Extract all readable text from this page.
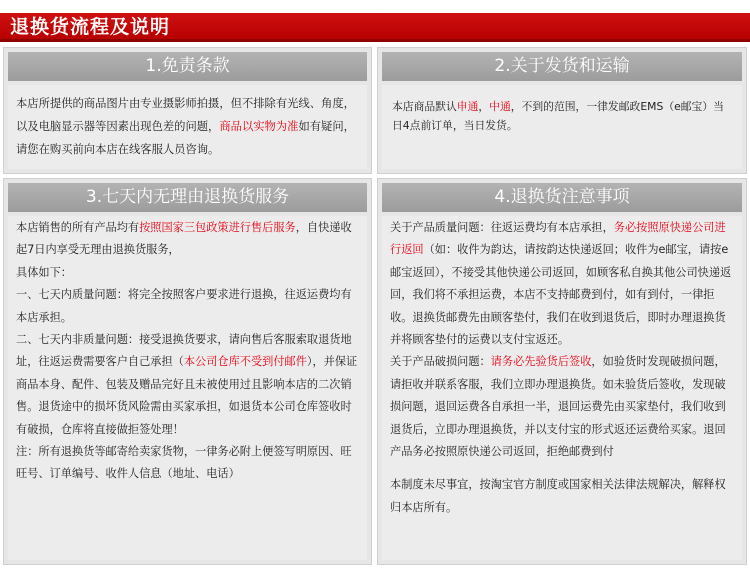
退换货流程及说明
1.免责条款

本店所提供的商品图片由专业摄影师拍摄，但不排除有光线、角度，以及电脑显示器等因素出现色差的问题，商品以实物为准如有疑问，请您在购买前向本店在线客服人员咨询。

2.关于发货和运输

本店商品默认申通，中通，不到的范围，一律发邮政EMS（e邮宝）当日4点前订单，当日发货。

3.七天内无理由退换货服务

本店销售的所有产品均有按照国家三包政策进行售后服务，自快递收起7日内享受无理由退换货服务，

具体如下：

一、七天内质量问题：将完全按照客户要求进行退换，往返运费均有本店承担。

二、七天内非质量问题：接受退换货要求，请向售后客服索取退货地址，往返运费需要客户自己承担（本公司仓库不受到付邮件），并保证商品本身、配件、包装及赠品完好且未被使用过且影响本店的二次销售。退货途中的损坏货风险需由买家承担，如退货本公司仓库签收时有破损，仓库将直接做拒签处理！

注：所有退换货等邮寄给卖家货物，一律务必附上便签写明原因、旺旺号、订单编号、收件人信息（地址、电话）

4.退换货注意事项

关于产品质量问题：往返运费均有本店承担，务必按照原快递公司进行返回（如：收件为韵达，请按韵达快递返回；收件为e邮宝，请按e邮宝返回），不接受其他快递公司返回，如顾客私自换其他公司快递返回，我们将不承担运费，本店不支持邮费到付，如有到付，一律拒收。退换货邮费先由顾客垫付，我们在收到退货后，即时办理退换货并将顾客垫付的运费以支付宝返还。

关于产品破损问题：请务必先验货后签收，如验货时发现破损问题，请拒收并联系客服，我们立即办理退换货。如未验货后签收，发现破损问题，退回运费各自承担一半，退回运费先由买家垫付，我们收到退货后，立即办理退换货，并以支付宝的形式返还运费给买家。退回产品务必按照原快递公司返回，拒绝邮费到付

本制度未尽事宜，按淘宝官方制度或国家相关法律法规解决，解释权归本店所有。
